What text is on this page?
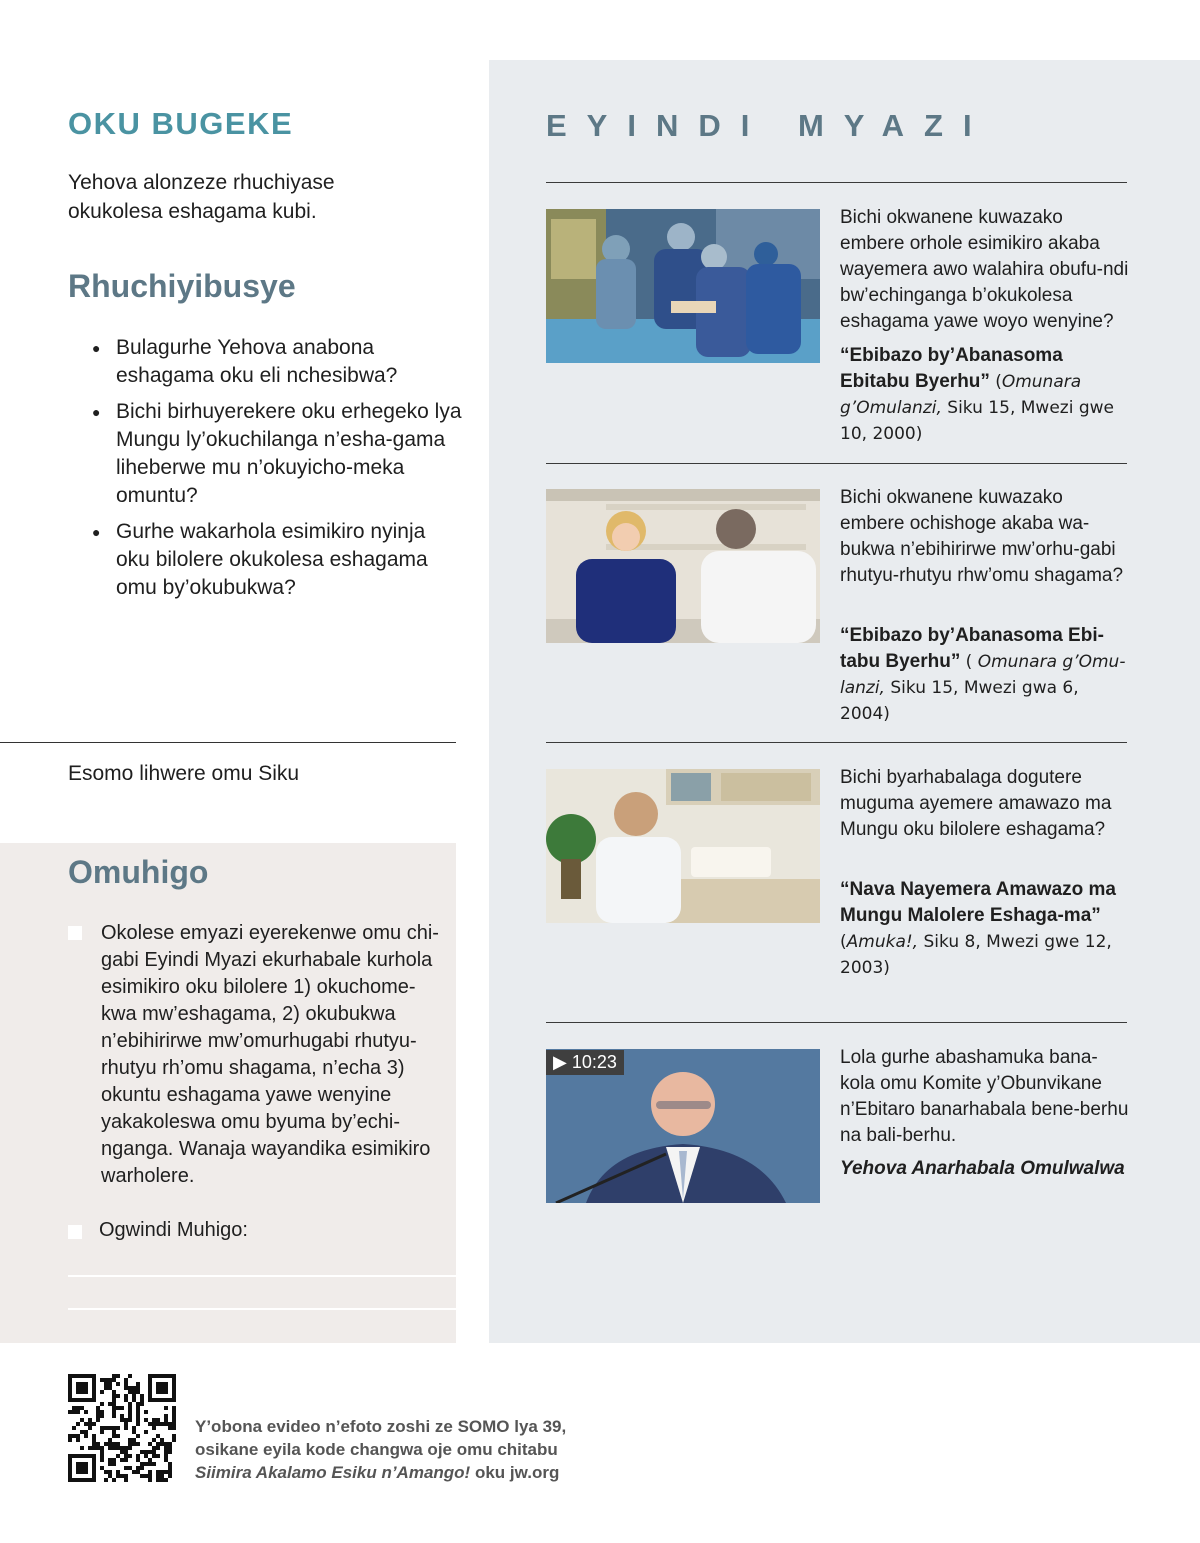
OKU BUGEKE

Yehova alonzeze rhuchiyase okukolesa eshagama kubi.

Rhuchiyibusye
● Bulagurhe Yehova anabona eshagama oku eli nchesibwa?
● Bichi birhuyerekere oku erhegeko lya Mungu ly’okuchilanga n’esha-gama liheberwe mu n’okuyicho-meka omuntu?
● Gurhe wakarhola esimikiro nyinja oku bilolere okukolesa eshagama omu by’okubukwa?

Esomo lihwere omu Siku

Omuhigo

Okolese emyazi eyerekenwe omu chi-gabi Eyindi Myazi ekurhabale kurhola esimikiro oku bilolere 1) okuchome-kwa mw’eshagama, 2) okubukwa n’ebihirirwe mw’omurhugabi rhutyu-rhutyu rh’omu shagama, n’echa 3) okuntu eshagama yawe wenyine yakakoleswa omu byuma by’echi-nganga. Wanaja wayandika esimikiro warholere.

Ogwindi Muhigo:

EYINDI MYAZI

Bichi okwanene kuwazako embere orhole esimikiro akaba wayemera awo walahira obufu-ndi bw’echinganga b’okukolesa eshagama yawe woyo wenyine?

“Ebibazo by’Abanasoma Ebitabu Byerhu” (Omunara g’Omulanzi, Siku 15, Mwezi gwe 10, 2000)

Bichi okwanene kuwazako embere ochishoge akaba wa-bukwa n’ebihirirwe mw’orhu-gabi rhutyu-rhutyu rhw’omu shagama?

“Ebibazo by’Abanasoma Ebi-tabu Byerhu” ( Omunara g’Omu-lanzi, Siku 15, Mwezi gwa 6, 2004)

Bichi byarhabalaga dogutere muguma ayemere amawazo ma Mungu oku bilolere eshagama?

“Nava Nayemera Amawazo ma Mungu Malolere Eshaga-ma” (Amuka!, Siku 8, Mwezi gwe 12, 2003)

▶ 10:23	Lola gurhe abashamuka bana-kola omu Komite y’Obunvikane n’Ebitaro banarhabala bene-berhu na bali-berhu.

Yehova Anarhabala Omulwalwa

Y’obona evideo n’efoto zoshi ze SOMO lya 39,
osikane eyila kode changwa oje omu chitabu
Siimira Akalamo Esiku n’Amango! oku jw.org
